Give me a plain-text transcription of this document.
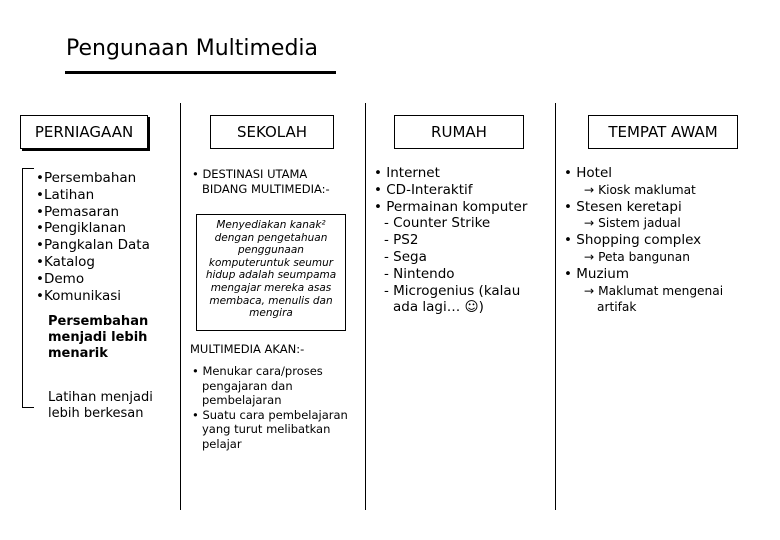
Pengunaan Multimedia
PERNIAGAAN	SEKOLAH	RUMAH	TEMPAT AWAM
• Persembahan
• Latihan
• Pemasaran
• Pengiklanan
• Pangkalan Data
• Katalog
• Demo
• Komunikasi
Persembahan menjadi lebih menarik
Latihan menjadi lebih berkesan
• DESTINASI UTAMA
BIDANG MULTIMEDIA:-
Menyediakan kanak² dengan pengetahuan penggunaan komputeruntuk seumur hidup adalah seumpama mengajar mereka asas membaca, menulis dan mengira
MULTIMEDIA AKAN:-
• Menukar cara/proses
pengajaran dan pembelajaran
• Suatu cara pembelajaran
yang turut melibatkan pelajar
• Internet
• CD-Interaktif
• Permainan komputer
- Counter Strike
- PS2
- Sega
- Nintendo
- Microgenius (kalau
ada lagi… ☺)
• Hotel
→ Kiosk maklumat
• Stesen keretapi
→ Sistem jadual
• Shopping complex
→ Peta bangunan
• Muzium
→ Maklumat mengenai
artifak
